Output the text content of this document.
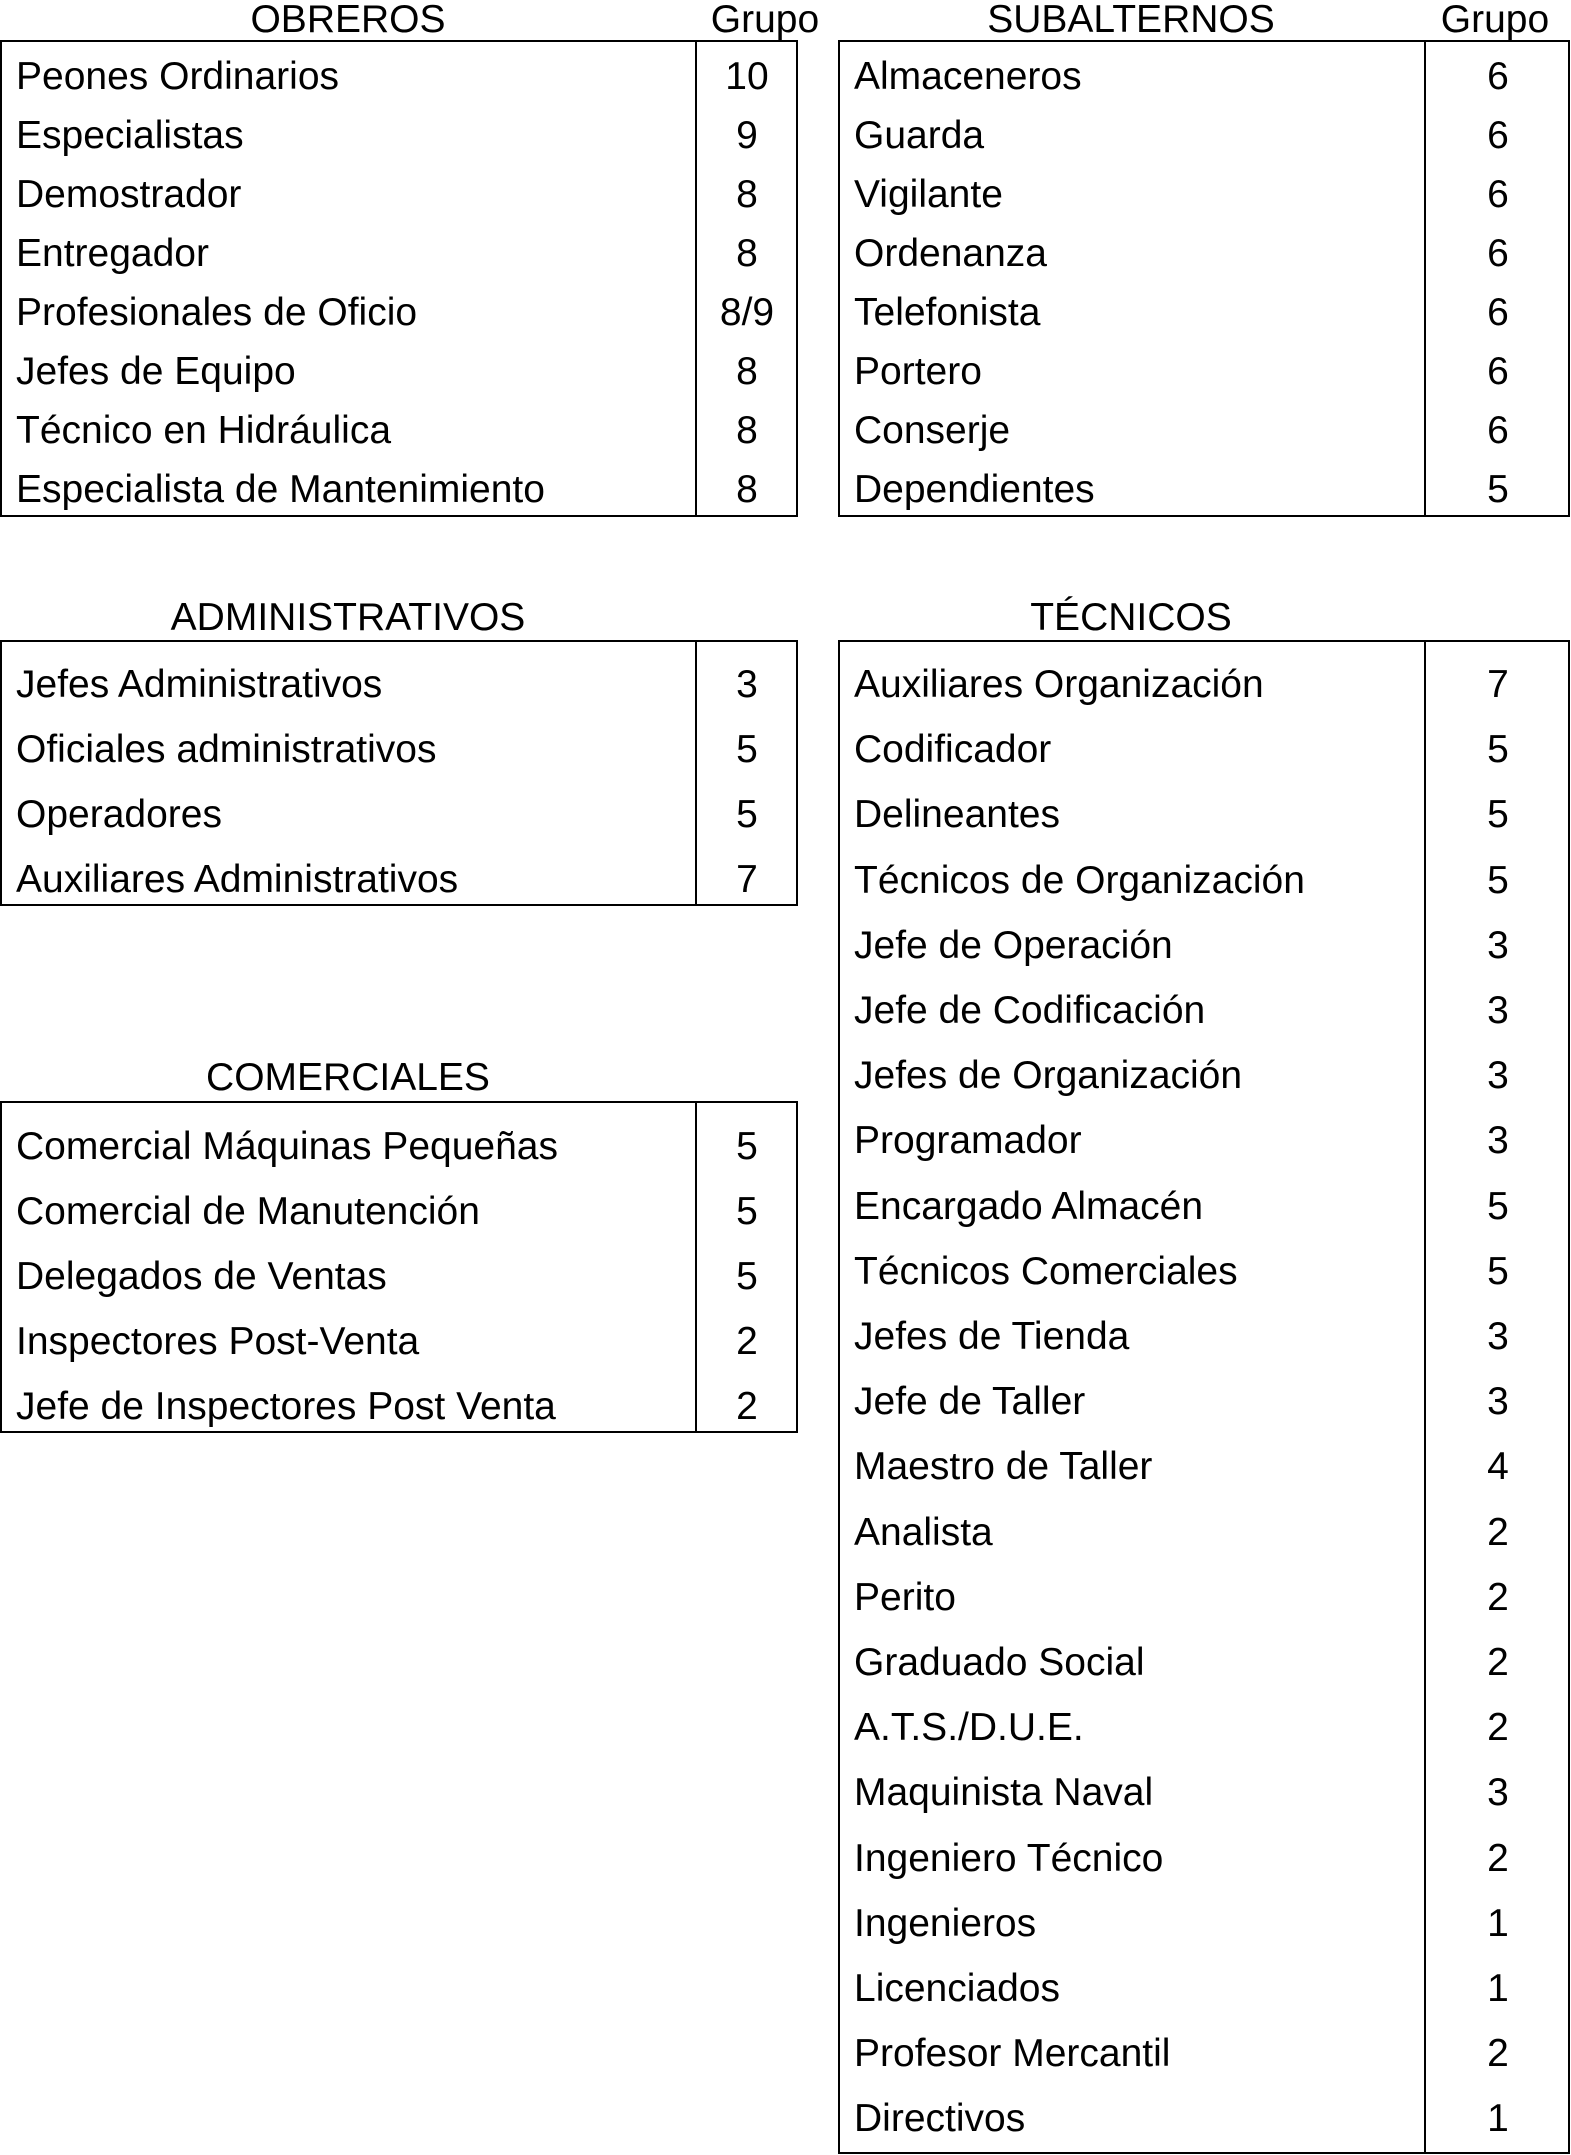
OBREROS	Grupo
Peones Ordinarios	10
Especialistas	9
Demostrador	8
Entregador	8
Profesionales de Oficio	8/9
Jefes de Equipo	8
Técnico en Hidráulica	8
Especialista de Mantenimiento	8
SUBALTERNOS	Grupo
Almaceneros	6
Guarda	6
Vigilante	6
Ordenanza	6
Telefonista	6
Portero	6
Conserje	6
Dependientes	5
ADMINISTRATIVOS
Jefes Administrativos	3
Oficiales administrativos	5
Operadores	5
Auxiliares Administrativos	7
COMERCIALES
Comercial Máquinas Pequeñas	5
Comercial de Manutención	5
Delegados de Ventas	5
Inspectores Post-Venta	2
Jefe de Inspectores Post Venta	2
TÉCNICOS
Auxiliares Organización	7
Codificador	5
Delineantes	5
Técnicos de Organización	5
Jefe de Operación	3
Jefe de Codificación	3
Jefes de Organización	3
Programador	3
Encargado Almacén	5
Técnicos Comerciales	5
Jefes de Tienda	3
Jefe de Taller	3
Maestro de Taller	4
Analista	2
Perito	2
Graduado Social	2
A.T.S./D.U.E.	2
Maquinista Naval	3
Ingeniero Técnico	2
Ingenieros	1
Licenciados	1
Profesor Mercantil	2
Directivos	1
